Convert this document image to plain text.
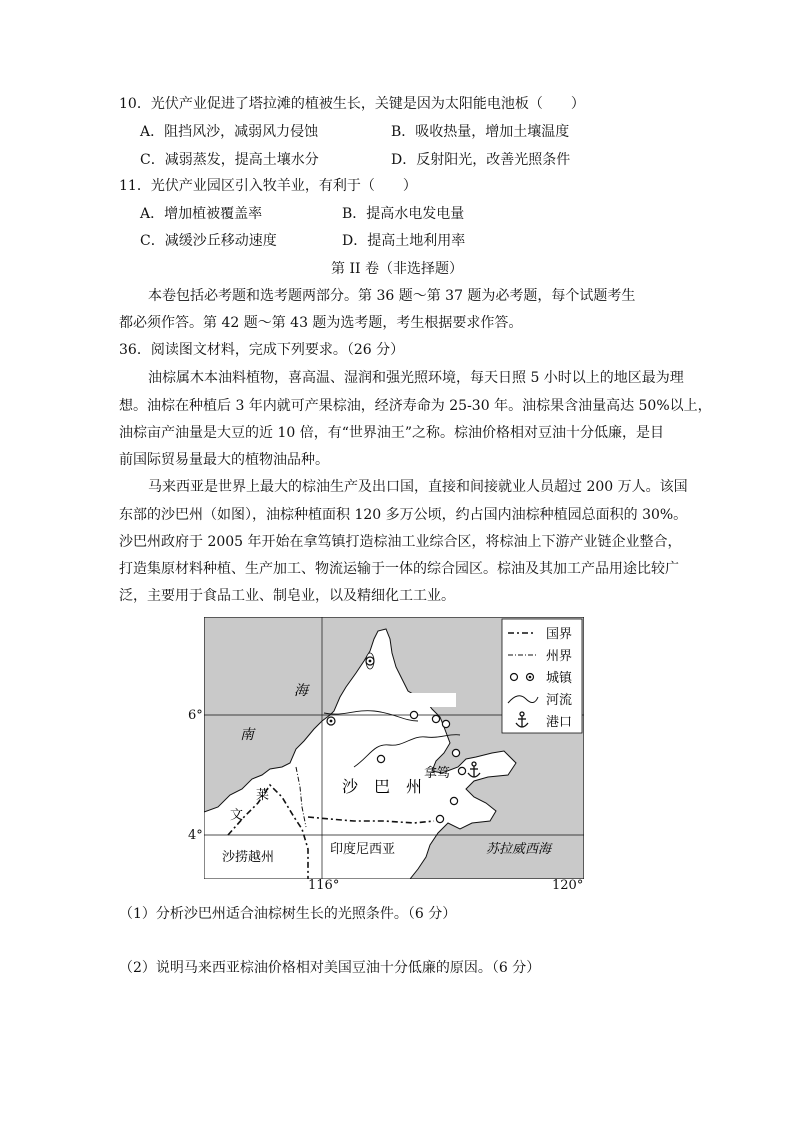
10．光伏产业促进了塔拉滩的植被生长，关键是因为太阳能电池板（　　）
A．阻挡风沙，减弱风力侵蚀	B．吸收热量，增加土壤温度
C．减弱蒸发，提高土壤水分	D．反射阳光，改善光照条件
11．光伏产业园区引入牧羊业，有利于（　　）
A．增加植被覆盖率	B．提高水电发电量
C．减缓沙丘移动速度	D．提高土地利用率
第 II 卷（非选择题）
本卷包括必考题和选考题两部分。第 36 题～第 37 题为必考题，每个试题考生
都必须作答。第 42 题～第 43 题为选考题，考生根据要求作答。
36．阅读图文材料，完成下列要求。（26 分）
油棕属木本油料植物，喜高温、湿润和强光照环境，每天日照 5 小时以上的地区最为理
想。油棕在种植后 3 年内就可产果棕油，经济寿命为 25-30 年。油棕果含油量高达 50%以上，
油棕亩产油量是大豆的近 10 倍，有“世界油王”之称。棕油价格相对豆油十分低廉，是目
前国际贸易量最大的植物油品种。
马来西亚是世界上最大的棕油生产及出口国，直接和间接就业人员超过 200 万人。该国
东部的沙巴州（如图），油棕种植面积 120 多万公顷，约占国内油棕种植园总面积的 30%。
沙巴州政府于 2005 年开始在拿笃镇打造棕油工业综合区，将棕油上下游产业链企业整合，
打造集原材料种植、生产加工、物流运输于一体的综合园区。棕油及其加工产品用途比较广
泛，主要用于食品工业、制皂业，以及精细化工工业。
海
南
沙 巴 州
拿笃
文
莱
沙捞越州
印度尼西亚	苏拉威西海
国界
州界
城镇
河流
港口
6°
4°
116°	120°
（1）分析沙巴州适合油棕树生长的光照条件。（6 分）
（2）说明马来西亚棕油价格相对美国豆油十分低廉的原因。（6 分）
